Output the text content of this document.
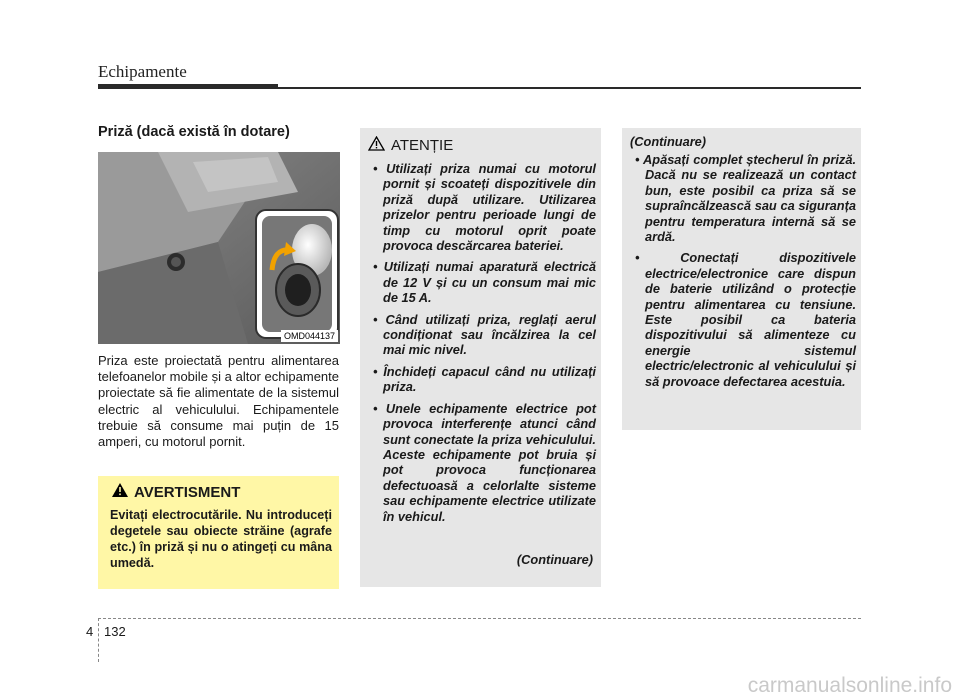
Echipamente
Priză (dacă există în dotare)
OMD044137
Priza este proiectată pentru alimentarea telefoanelor mobile și a altor echipamente proiectate să fie alimentate de la sistemul electric al vehiculului. Echipamentele trebuie să consume mai puțin de 15 amperi, cu motorul pornit.
AVERTISMENT
Evitați electrocutările. Nu introduceți degetele sau obiecte străine (agrafe etc.) în priză și nu o atingeți cu mâna umedă.
ATENȚIE
• Utilizați priza numai cu motorul pornit și scoateți dispozitivele din priză după utilizare. Utilizarea prizelor pentru perioade lungi de timp cu motorul oprit poate provoca descărcarea bateriei.
• Utilizați numai aparatură electrică de 12 V și cu un consum mai mic de 15 A.
• Când utilizați priza, reglați aerul condiționat sau încălzirea la cel mai mic nivel.
• Închideți capacul când nu utilizați priza.
• Unele echipamente electrice pot provoca interferențe atunci când sunt conectate la priza vehiculului. Aceste echipamente pot bruia și pot provoca funcționarea defectuoasă a celorlalte sisteme sau echipamente electrice utilizate în vehicul.
(Continuare)
(Continuare)
• Apăsați complet ștecherul în priză. Dacă nu se realizează un contact bun, este posibil ca priza să se supraîncălzească sau ca siguranța pentru temperatura internă să se ardă.
• Conectați dispozitivele electrice/electronice care dispun de baterie utilizând o protecție pentru alimentarea cu tensiune. Este posibil ca bateria dispozitivului să alimenteze cu energie sistemul electric/electronic al vehiculului și să provoace defectarea acestuia.
4 132
carmanualsonline.info
